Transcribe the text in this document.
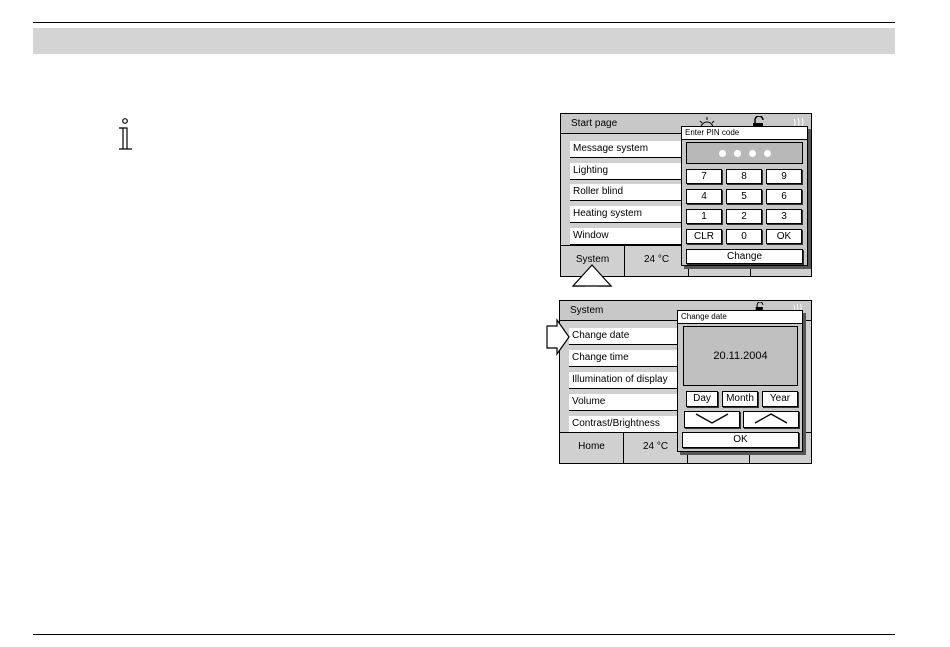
Start page
Message system
Lighting
Roller blind
Heating system
Window
System	24 °C
Enter PIN code
7	8	9
4	5	6
1	2	3
CLR	0	OK
Change
System
Change date
Change time
Illumination of display
Volume
Contrast/Brightness
Home	24 °C
Change date
20.11.2004
Day	Month	Year
OK
